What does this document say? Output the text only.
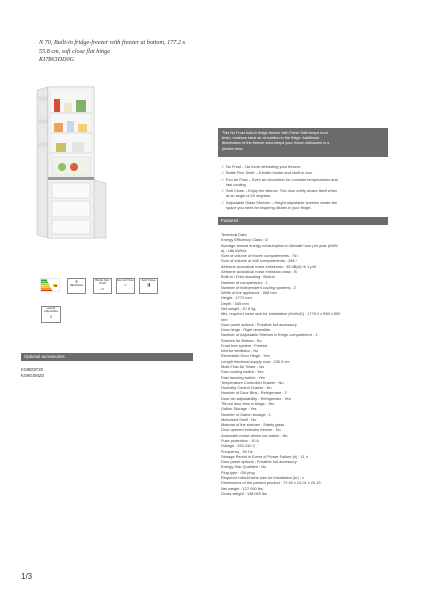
N 70, Built-in fridge-freezer with freezer at bottom, 177.2 x
55.8 cm, soft close flat hinge
KI7863DD0G
D
❄
No Frost
Bottle Flex Shelf
▭
Eco Air Flow
≈
Soft Close
◨
Height Adjustable
⇕
Optional accessories
KS9EDF20
KS9G0MZ0
This No Frost built-in fridge-freezer with Fresh Safe keeps food
fresh, moisture ideal air circulation in the fridge. Additional
illumination of the freezer area keeps your frozen delicacies in a
perfect view.
✓ No Frost – No more defrosting your freezer.
✓ Bottle Flex Shelf – A bottle holder and shelf in one.
✓ Eco Air Flow – Even air circulation for constant temperatures and
fast cooling.
✓ Soft Close – Enjoy the silence. The door softly closes itself when
at an angle of 20 degrees.
✓ Adjustable Glass Shelves – Height adjustable shelves create the
space you need for inspiring dishes in your fridge.
Features
Technical Data
Energy Efficiency Class : D
Average annual energy consumption in kilowatt hour per year (kWh/
a) : 186 kWh/a
Sum of volume of frozen compartments : 76 l
Sum of volume of chill compartments : 184 l
Airborne acoustical noise emissions : 35 dB(A) re 1 pW
Airborne acoustical noise emission class : B
Built-in / Free-standing : Built-in
Number of compressors : 1
Number of independent cooling systems : 2
Width of the appliance : 558 mm
Height : 1772 mm
Depth : 545 mm
Net weight : 57.8 kg
Min. required niche size for installation (HxWxD) : 1775.0 x 560 x 550
mm
Door panel options : Possible but accessory
Door hinge : Right reversible
Number of Adjustable Shelves in fridge compartment : 1
Shelves for Bottles : No
Frost free system : Freezer
Interior ventilator : No
Reversible Door Hinge : Yes
Length electrical supply cord : 230.0 cm
Multi-Flow Air Tower : No
Fast cooling switch : Yes
Fast freezing switch : Yes
Temperature Controlled Drawer : No
Humidity Control Drawer : No
Number of Door Bins - Refrigerator : 2
Door bin adjustability - Refrigerator : Yes
Tilt-out door bins in fridge : Yes
Gallon Storage : Yes
Number of Gallon storage : 1
Motorized Shelf : No
Material of the shelves : Safety glass
Door opened indicator freezer : No
Automatic motor-driven ice-maker : No
Fuse protection : 10 A
Voltage : 220-240 V
Frequency : 50 Hz
Storage Period in Event of Power Failure (h) : 11 h
Door panel options : Possible but accessory
Energy Star Qualified : No
Plug type : GB plug
Required cutout/niche size for installation (in) : x
Dimensions of the packed product : 72.45 x 24.01 x 25.19
Net weight : 127.000 lbs
Gross weight : 138.000 lbs
1/3
